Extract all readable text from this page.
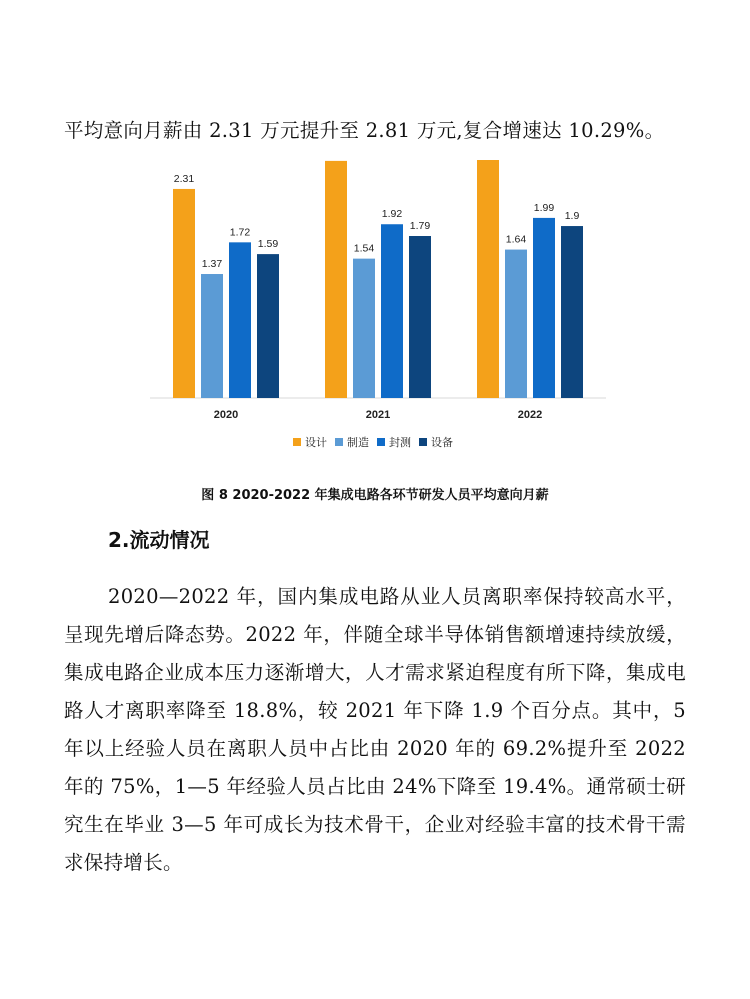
平均意向月薪由 2.31 万元提升至 2.81 万元,复合增速达 10.29%。

2.31
1.37
1.72
1.59
2020
1.54
1.92
1.79
2021
1.64
1.99
1.9
2022
设计 制造 封测 设备
图 8 2020-2022 年集成电路各环节研发人员平均意向月薪
2.流动情况

2020—2022 年，国内集成电路从业人员离职率保持较高水平，呈现先增后降态势。2022 年，伴随全球半导体销售额增速持续放缓，集成电路企业成本压力逐渐增大，人才需求紧迫程度有所下降，集成电路人才离职率降至 18.8%，较 2021 年下降 1.9 个百分点。其中，5 年以上经验人员在离职人员中占比由 2020 年的 69.2%提升至 2022 年的 75%，1—5 年经验人员占比由 24%下降至 19.4%。通常硕士研究生在毕业 3—5 年可成长为技术骨干，企业对经验丰富的技术骨干需求保持增长。
